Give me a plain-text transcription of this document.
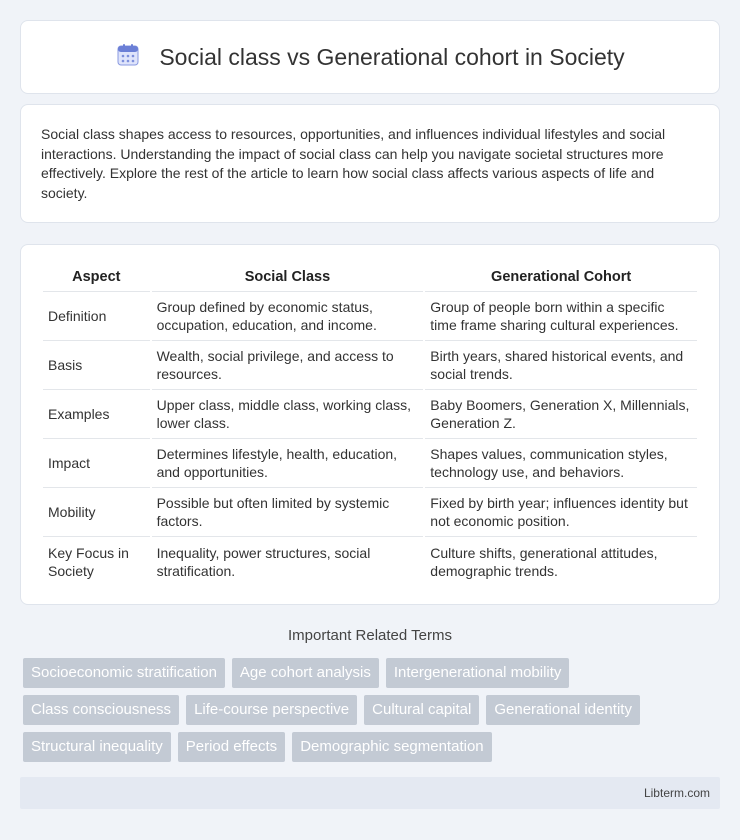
Social class vs Generational cohort in Society

Social class shapes access to resources, opportunities, and influences individual lifestyles and social interactions. Understanding the impact of social class can help you navigate societal structures more effectively. Explore the rest of the article to learn how social class affects various aspects of life and society.

Aspect	Social Class	Generational Cohort
Definition	Group defined by economic status, occupation, education, and income.	Group of people born within a specific time frame sharing cultural experiences.
Basis	Wealth, social privilege, and access to resources.	Birth years, shared historical events, and social trends.
Examples	Upper class, middle class, working class, lower class.	Baby Boomers, Generation X, Millennials, Generation Z.
Impact	Determines lifestyle, health, education, and opportunities.	Shapes values, communication styles, technology use, and behaviors.
Mobility	Possible but often limited by systemic factors.	Fixed by birth year; influences identity but not economic position.
Key Focus in Society	Inequality, power structures, social stratification.	Culture shifts, generational attitudes, demographic trends.
Important Related Terms
Socioeconomic stratification	Age cohort analysis	Intergenerational mobility
Class consciousness	Life-course perspective	Cultural capital	Generational identity
Structural inequality	Period effects	Demographic segmentation
Libterm.com
